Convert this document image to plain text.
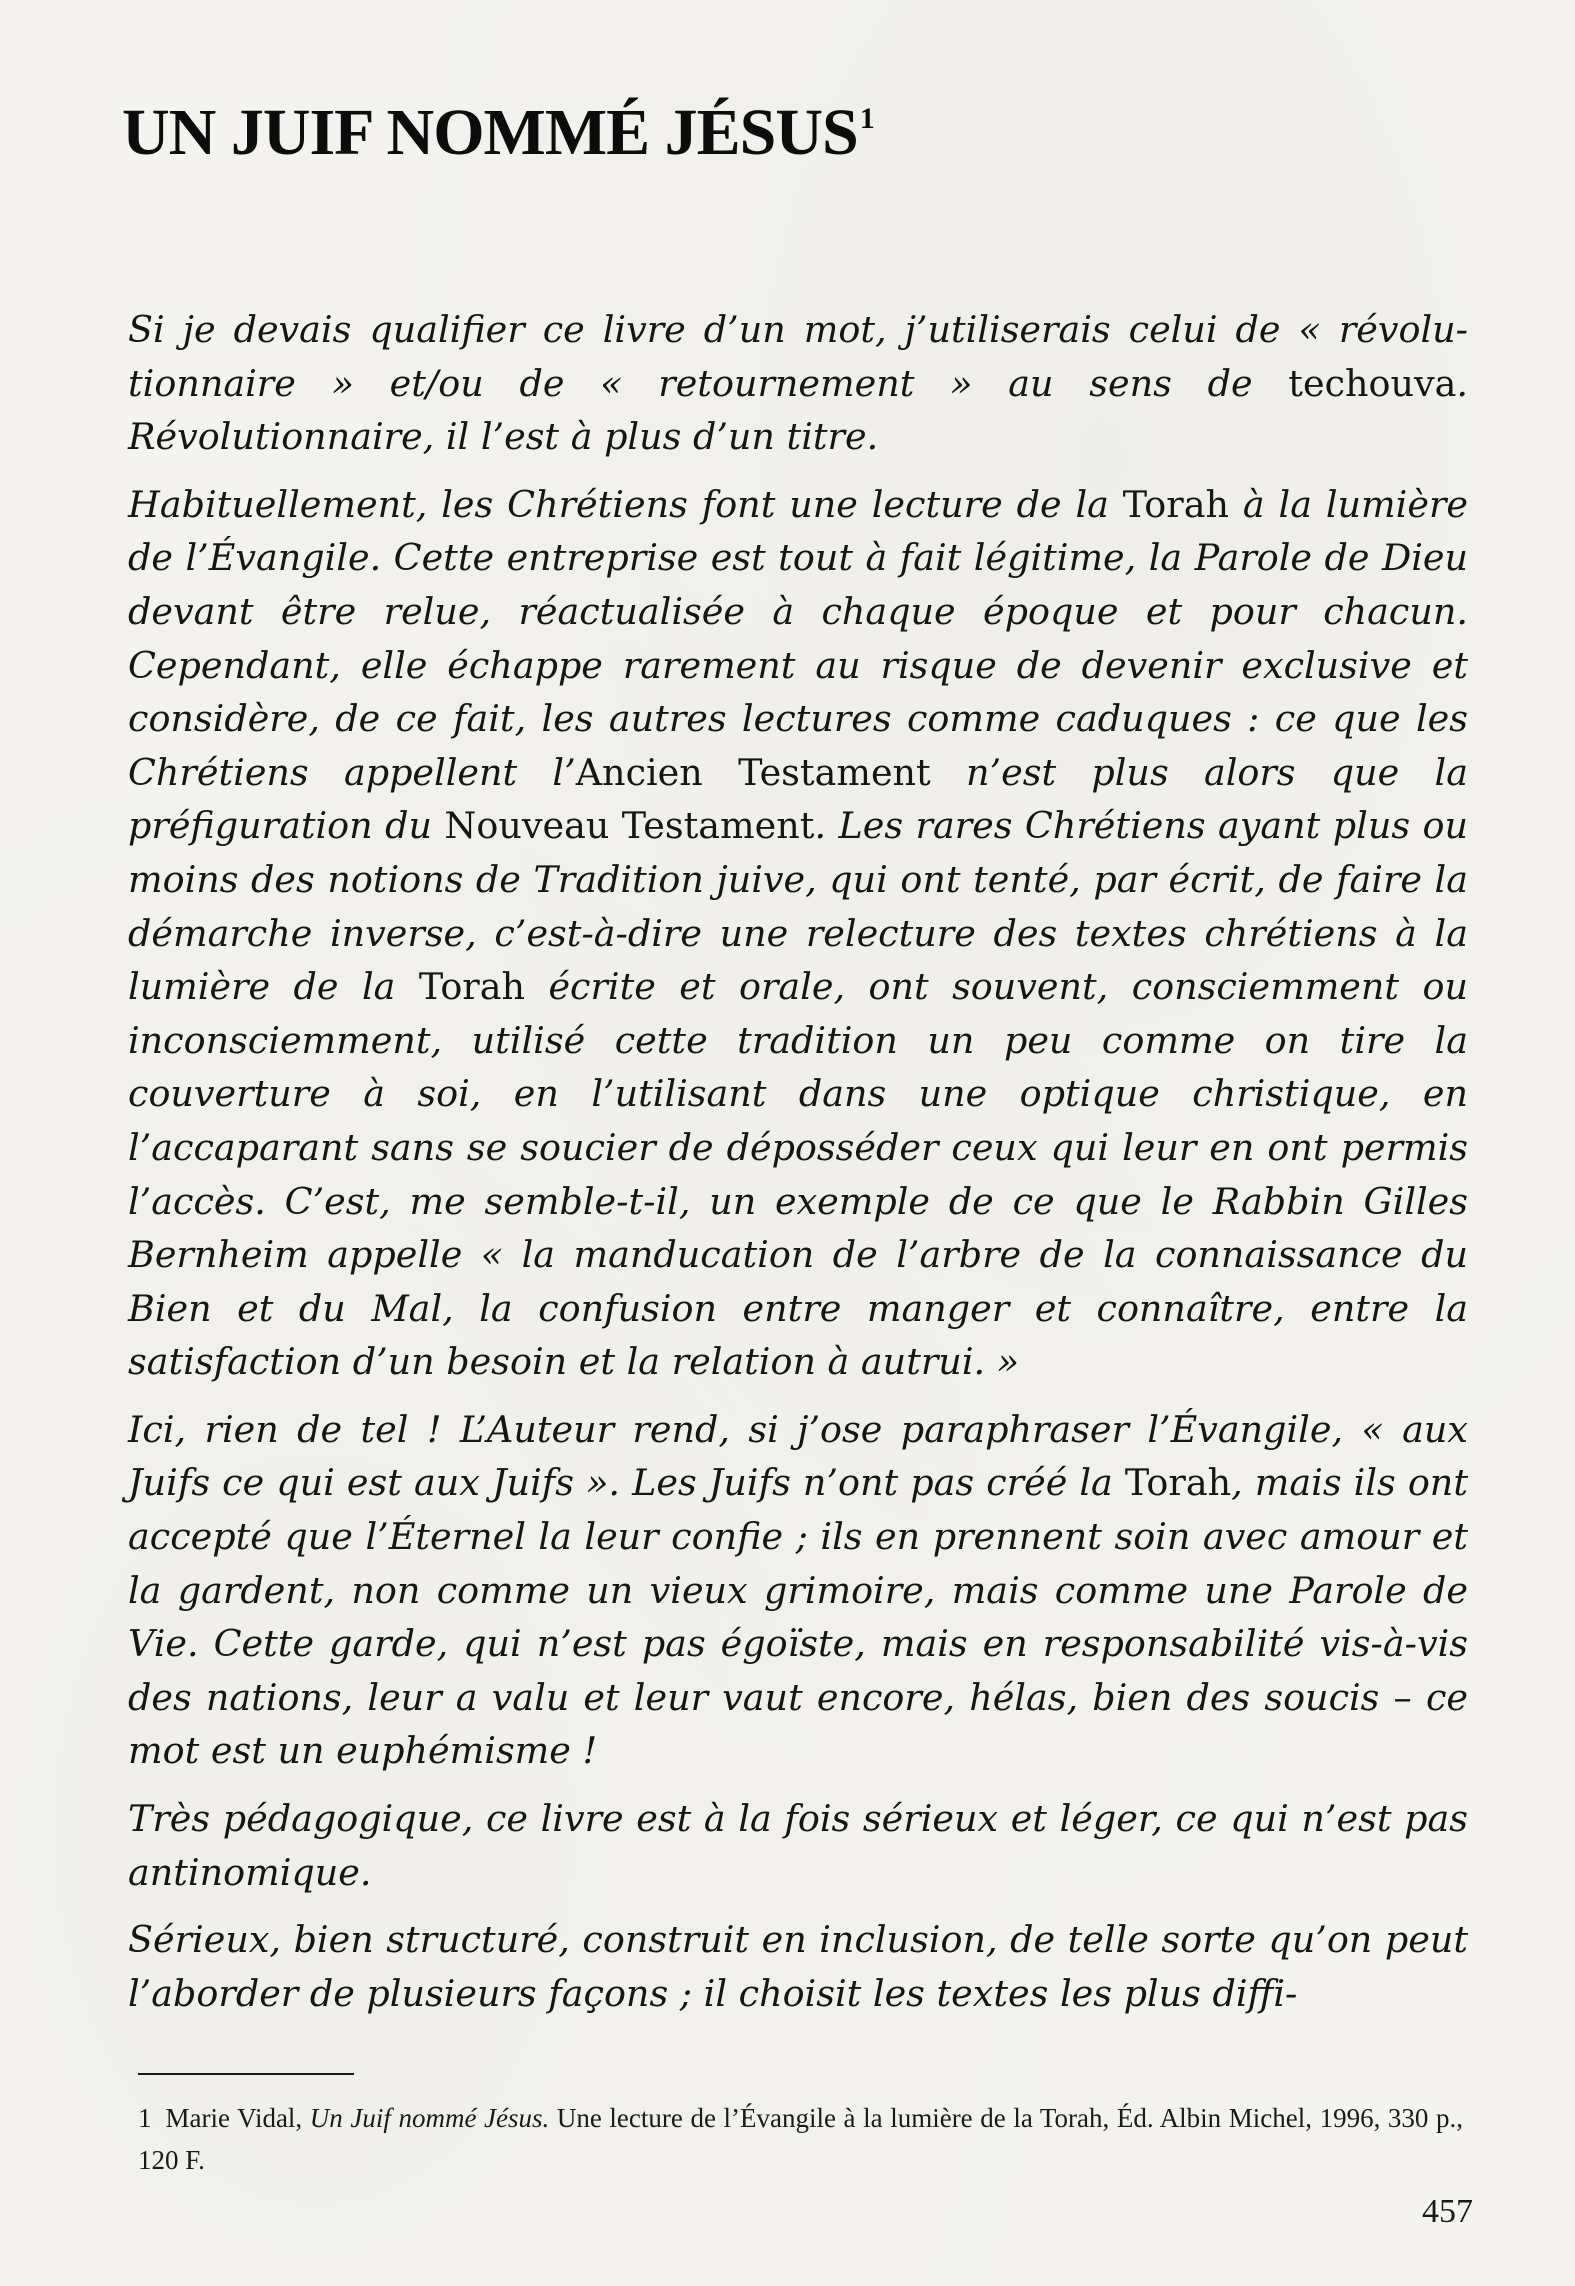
UN JUIF NOMMÉ JÉSUS$^1$

Si je devais qualifier ce livre d’un mot, j’utiliserais celui de « révolutionnaire » et/ou de « retournement » au sens de techouva. Révolutionnaire, il l’est à plus d’un titre.

Habituellement, les Chrétiens font une lecture de la Torah à la lumière de l’Évangile. Cette entreprise est tout à fait légitime, la Parole de Dieu devant être relue, réactualisée à chaque époque et pour chacun. Cependant, elle échappe rarement au risque de devenir exclusive et considère, de ce fait, les autres lectures comme caduques : ce que les Chrétiens appellent l’Ancien Testament n’est plus alors que la préfiguration du Nouveau Testament. Les rares Chrétiens ayant plus ou moins des notions de Tradition juive, qui ont tenté, par écrit, de faire la démarche inverse, c’est-à-dire une relecture des textes chrétiens à la lumière de la Torah écrite et orale, ont souvent, consciemment ou inconsciemment, utilisé cette tradition un peu comme on tire la couverture à soi, en l’utilisant dans une optique christique, en l’accaparant sans se soucier de déposséder ceux qui leur en ont permis l’accès. C’est, me semble-t-il, un exemple de ce que le Rabbin Gilles Bernheim appelle « la manducation de l’arbre de la connaissance du Bien et du Mal, la confusion entre manger et connaître, entre la satisfaction d’un besoin et la relation à autrui. »

Ici, rien de tel ! L’Auteur rend, si j’ose paraphraser l’Évangile, « aux Juifs ce qui est aux Juifs ». Les Juifs n’ont pas créé la Torah, mais ils ont accepté que l’Éternel la leur confie ; ils en prennent soin avec amour et la gardent, non comme un vieux grimoire, mais comme une Parole de Vie. Cette garde, qui n’est pas égoïste, mais en responsabilité vis-à-vis des nations, leur a valu et leur vaut encore, hélas, bien des soucis – ce mot est un euphémisme !

Très pédagogique, ce livre est à la fois sérieux et léger, ce qui n’est pas antinomique.

Sérieux, bien structuré, construit en inclusion, de telle sorte qu’on peut l’aborder de plusieurs façons ; il choisit les textes les plus diffi-

1 Marie Vidal, Un Juif nommé Jésus. Une lecture de l’Évangile à la lumière de la Torah, Éd. Albin Michel, 1996, 330 p., 120 F.
457
